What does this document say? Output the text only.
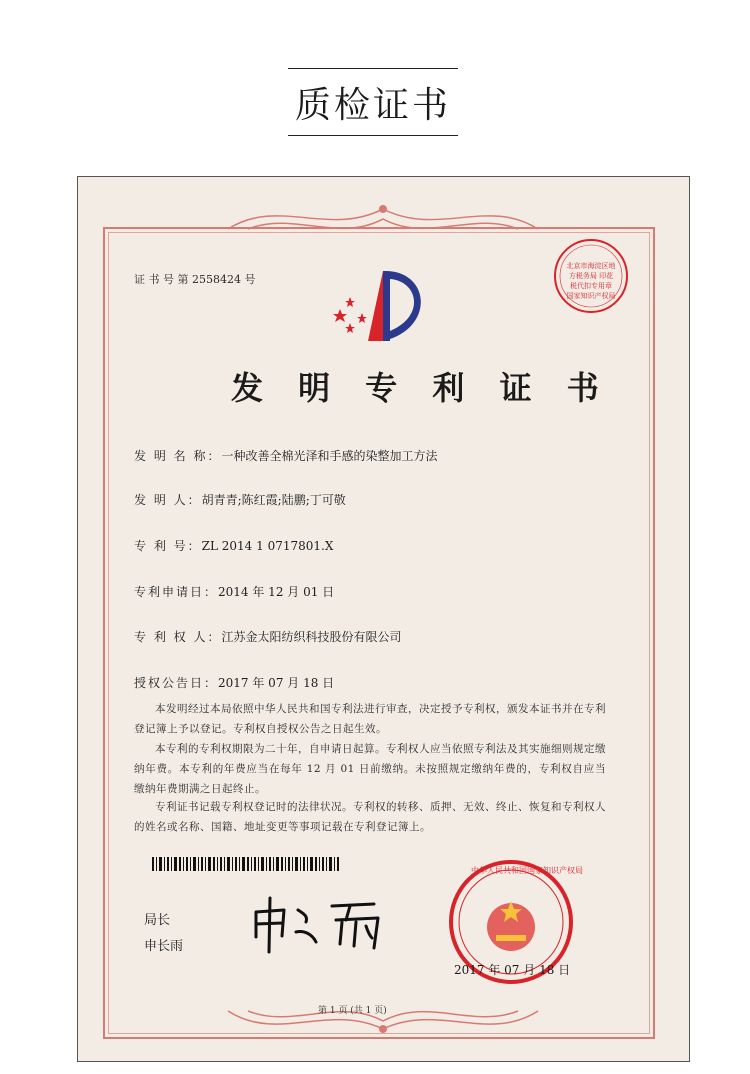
质检证书
证 书 号 第 2558424 号
北京市海淀区地方税务局 印花税代扣专用章 国家知识产权局
发 明 专 利 证 书
发 明 名 称：一种改善全棉光泽和手感的染整加工方法
发 明 人：胡青青;陈红霞;陆鹏;丁可敬
专 利 号：ZL 2014 1 0717801.X
专利申请日：2014 年 12 月 01 日
专 利 权 人：江苏金太阳纺织科技股份有限公司
授权公告日：2017 年 07 月 18 日
本发明经过本局依照中华人民共和国专利法进行审查，决定授予专利权，颁发本证书并在专利登记簿上予以登记。专利权自授权公告之日起生效。
本专利的专利权期限为二十年，自申请日起算。专利权人应当依照专利法及其实施细则规定缴纳年费。本专利的年费应当在每年 12 月 01 日前缴纳。未按照规定缴纳年费的，专利权自应当缴纳年费期满之日起终止。
专利证书记载专利权登记时的法律状况。专利权的转移、质押、无效、终止、恢复和专利权人的姓名或名称、国籍、地址变更等事项记载在专利登记簿上。
局长
申长雨
中华人民共和国国家知识产权局
2017 年 07 月 18 日
第 1 页 (共 1 页)
